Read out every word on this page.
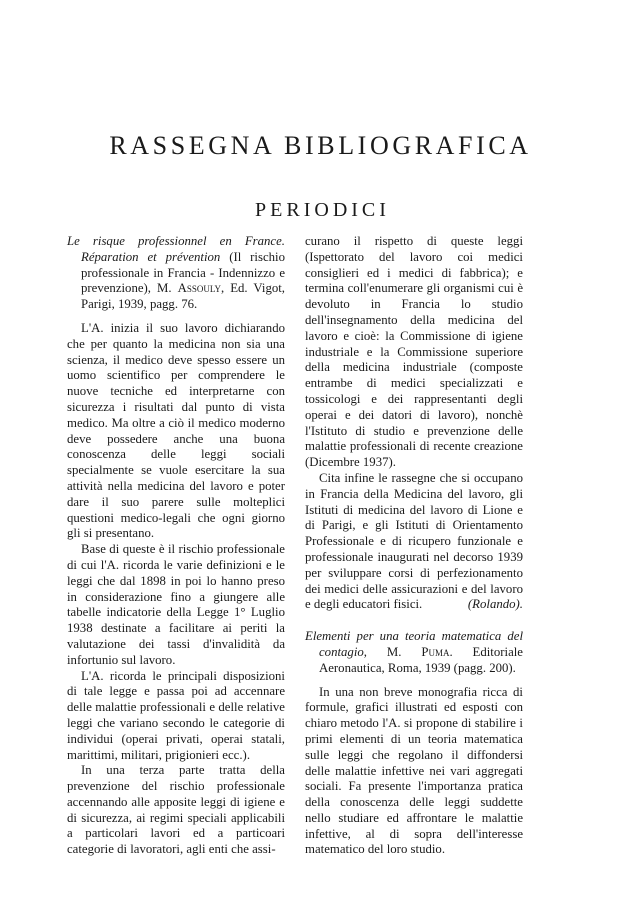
RASSEGNA BIBLIOGRAFICA
PERIODICI

Le risque professionnel en France. Réparation et prévention (Il rischio professionale in Francia - Indennizzo e prevenzione), M. Assouly, Ed. Vigot, Parigi, 1939, pagg. 76.

L'A. inizia il suo lavoro dichiarando che per quanto la medicina non sia una scienza, il medico deve spesso essere un uomo scientifico per comprendere le nuove tecniche ed interpretarne con sicurezza i risultati dal punto di vista medico. Ma oltre a ciò il medico moderno deve possedere anche una buona conoscenza delle leggi sociali specialmente se vuole esercitare la sua attività nella medicina del lavoro e poter dare il suo parere sulle molteplici questioni medico-legali che ogni giorno gli si presentano.

Base di queste è il rischio professionale di cui l'A. ricorda le varie definizioni e le leggi che dal 1898 in poi lo hanno preso in considerazione fino a giungere alle tabelle indicatorie della Legge 1° Luglio 1938 destinate a facilitare ai periti la valutazione dei tassi d'invalidità da infortunio sul lavoro.

L'A. ricorda le principali disposizioni di tale legge e passa poi ad accennare delle malattie professionali e delle relative leggi che variano secondo le categorie di individui (operai privati, operai statali, marittimi, militari, prigionieri ecc.).

In una terza parte tratta della prevenzione del rischio professionale accennando alle apposite leggi di igiene e di sicurezza, ai regimi speciali applicabili a particolari lavori ed a particoari categorie di lavoratori, agli enti che assi-

curano il rispetto di queste leggi (Ispettorato del lavoro coi medici consiglieri ed i medici di fabbrica); e termina coll'enumerare gli organismi cui è devoluto in Francia lo studio dell'insegnamento della medicina del lavoro e cioè: la Commissione di igiene industriale e la Commissione superiore della medicina industriale (composte entrambe di medici specializzati e tossicologi e dei rappresentanti degli operai e dei datori di lavoro), nonchè l'Istituto di studio e prevenzione delle malattie professionali di recente creazione (Dicembre 1937).

Cita infine le rassegne che si occupano in Francia della Medicina del lavoro, gli Istituti di medicina del lavoro di Lione e di Parigi, e gli Istituti di Orientamento Professionale e di ricupero funzionale e professionale inaugurati nel decorso 1939 per sviluppare corsi di perfezionamento dei medici delle assicurazioni e del lavoro e degli educatori fisici.	(Rolando).

Elementi per una teoria matematica del contagio, M. Puma. Editoriale Aeronautica, Roma, 1939 (pagg. 200).

In una non breve monografia ricca di formule, grafici illustrati ed esposti con chiaro metodo l'A. si propone di stabilire i primi elementi di un teoria matematica sulle leggi che regolano il diffondersi delle malattie infettive nei vari aggregati sociali. Fa presente l'importanza pratica della conoscenza delle leggi suddette nello studiare ed affrontare le malattie infettive, al di sopra dell'interesse matematico del loro studio.
